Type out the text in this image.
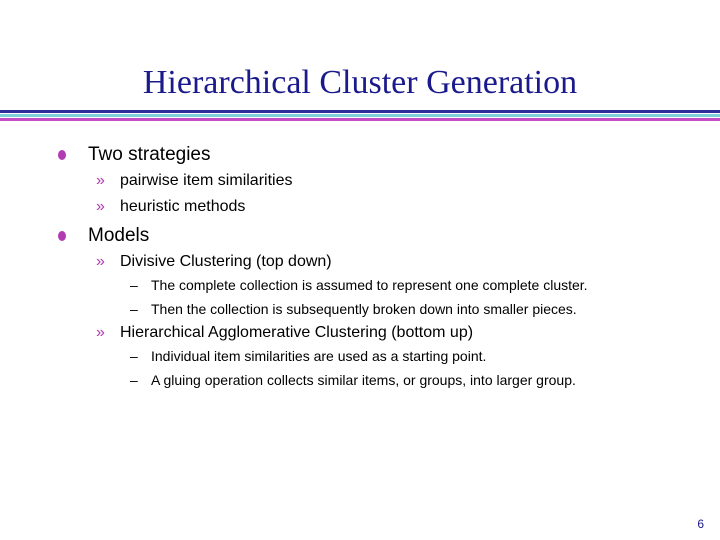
Hierarchical Cluster Generation
Two strategies
» pairwise item similarities
» heuristic methods
Models
» Divisive Clustering (top down)
– The complete collection is assumed to represent one complete cluster.
– Then the collection is subsequently broken down into smaller pieces.
» Hierarchical Agglomerative Clustering (bottom up)
– Individual item similarities are used as a starting point.
– A gluing operation collects similar items, or groups, into larger group.
6
